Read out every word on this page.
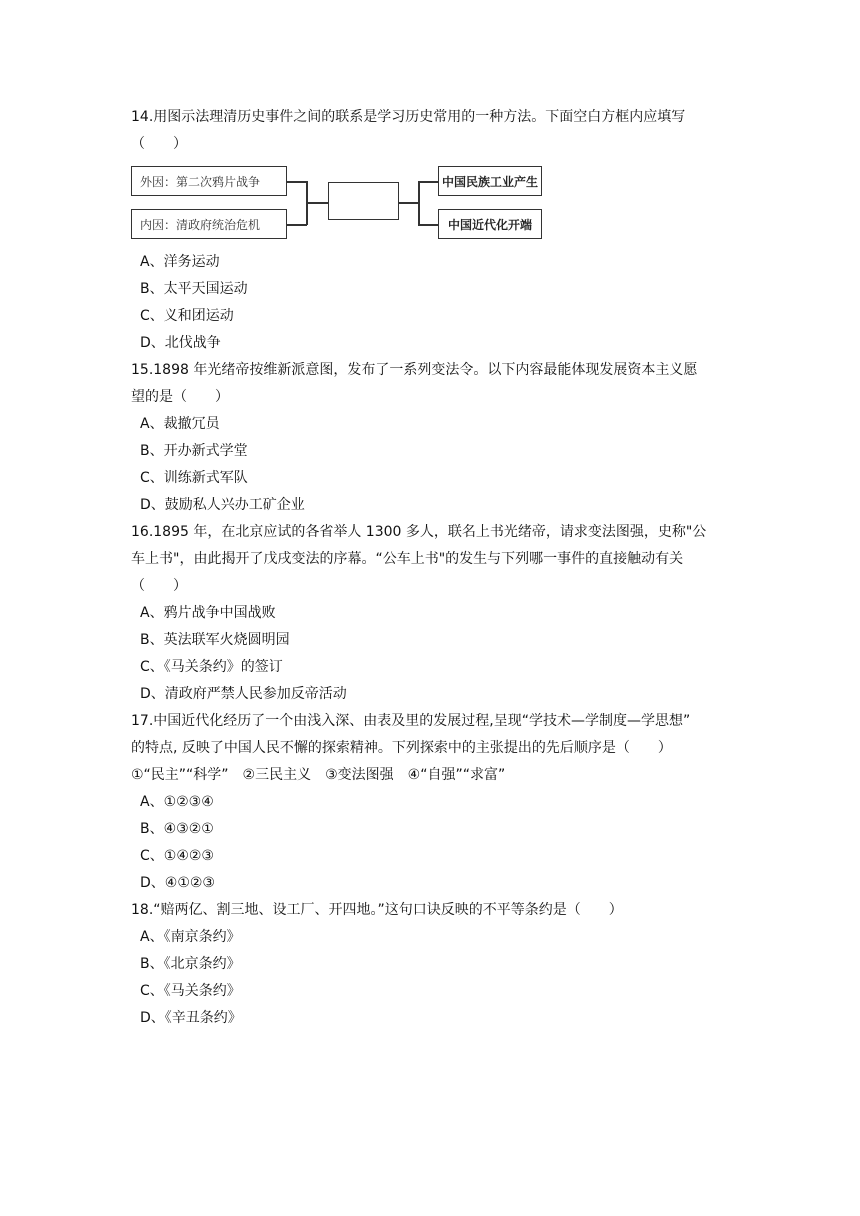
14.用图示法理清历史事件之间的联系是学习历史常用的一种方法。下面空白方框内应填写
（　　）
外因：第二次鸦片战争
内因：清政府统治危机
中国民族工业产生
中国近代化开端
A、洋务运动
B、太平天国运动
C、义和团运动
D、北伐战争
15.1898 年光绪帝按维新派意图，发布了一系列变法令。以下内容最能体现发展资本主义愿
望的是（　　）
A、裁撤冗员
B、开办新式学堂
C、训练新式军队
D、鼓励私人兴办工矿企业
16.1895 年，在北京应试的各省举人 1300 多人，联名上书光绪帝，请求变法图强，史称"公
车上书"，由此揭开了戊戌变法的序幕。“公车上书"的发生与下列哪一事件的直接触动有关
（　　）
A、鸦片战争中国战败
B、英法联军火烧圆明园
C、《马关条约》的签订
D、清政府严禁人民参加反帝活动
17.中国近代化经历了一个由浅入深、由表及里的发展过程,呈现“学技术—学制度—学思想”
的特点, 反映了中国人民不懈的探索精神。下列探索中的主张提出的先后顺序是（　　）
①“民主”“科学”　②三民主义　③变法图强　④“自强”“求富”
A、①②③④
B、④③②①
C、①④②③
D、④①②③
18.“赔两亿、割三地、设工厂、开四地。”这句口诀反映的不平等条约是（　　）
A、《南京条约》
B、《北京条约》
C、《马关条约》
D、《辛丑条约》
